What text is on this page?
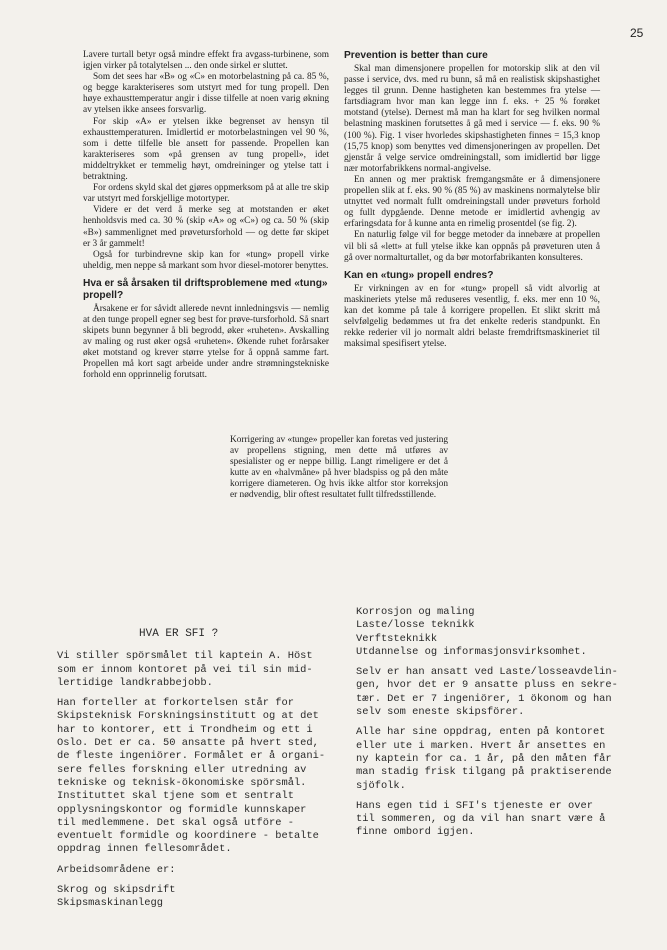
25

Lavere turtall betyr også mindre effekt fra avgass-turbinene, som igjen virker på totalytelsen ... den onde sirkel er sluttet.

Som det sees har «B» og «C» en motorbelastning på ca. 85 %, og begge karakteriseres som utstyrt med for tung propell. Den høye exhausttemperatur angir i disse tilfelle at noen varig økning av ytelsen ikke ansees forsvarlig.

For skip «A» er ytelsen ikke begrenset av hensyn til exhausttemperaturen. Imidlertid er motorbelastningen vel 90 %, som i dette tilfelle ble ansett for passende. Propellen kan karakteriseres som «på grensen av tung propell», idet middeltrykket er temmelig høyt, omdreininger og ytelse tatt i betraktning.

For ordens skyld skal det gjøres oppmerksom på at alle tre skip var utstyrt med forskjellige motortyper.

Videre er det verd å merke seg at motstanden er øket henholdsvis med ca. 30 % (skip «A» og «C») og ca. 50 % (skip «B») sammenlignet med prøvetursforhold — og dette før skipet er 3 år gammelt!

Også for turbindrevne skip kan for «tung» propell virke uheldig, men neppe så markant som hvor diesel-motorer benyttes.

Hva er så årsaken til driftsproblemene med «tung» propell?

Årsakene er for såvidt allerede nevnt innledningsvis — nemlig at den tunge propell egner seg best for prøve-tursforhold. Så snart skipets bunn begynner å bli begrodd, øker «ruheten». Avskalling av maling og rust øker også «ruheten». Økende ruhet forårsaker øket motstand og krever større ytelse for å oppnå samme fart. Propellen må kort sagt arbeide under andre strømningstekniske forhold enn opprinnelig forutsatt.

Prevention is better than cure

Skal man dimensjonere propellen for motorskip slik at den vil passe i service, dvs. med ru bunn, så må en realistisk skipshastighet legges til grunn. Denne hastigheten kan bestemmes fra ytelse — fartsdiagram hvor man kan legge inn f. eks. + 25 % forøket motstand (ytelse). Dernest må man ha klart for seg hvilken normal belastning maskinen forutsettes å gå med i service — f. eks. 90 % (100 %). Fig. 1 viser hvorledes skipshastigheten finnes = 15,3 knop (15,75 knop) som benyttes ved dimensjoneringen av propellen. Det gjenstår å velge service omdreiningstall, som imidlertid bør ligge nær motorfabrikkens normal-angivelse.

En annen og mer praktisk fremgangsmåte er å dimensjonere propellen slik at f. eks. 90 % (85 %) av maskinens normalytelse blir utnyttet ved normalt fullt omdreiningstall under prøveturs forhold og fullt dypgående. Denne metode er imidlertid avhengig av erfaringsdata for å kunne anta en rimelig prosentdel (se fig. 2).

En naturlig følge vil for begge metoder da innebære at propellen vil bli så «lett» at full ytelse ikke kan oppnås på prøveturen uten å gå over normalturtallet, og da bør motorfabrikanten konsulteres.

Kan en «tung» propell endres?

Er virkningen av en for «tung» propell så vidt alvorlig at maskineriets ytelse må reduseres vesentlig, f. eks. mer enn 10 %, kan det komme på tale å korrigere propellen. Et slikt skritt må selvfølgelig bedømmes ut fra det enkelte rederis standpunkt. En rekke rederier vil jo normalt aldri belaste fremdriftsmaskineriet til maksimal spesifisert ytelse.

Korrigering av «tunge» propeller kan foretas ved justering av propellens stigning, men dette må utføres av spesialister og er neppe billig. Langt rimeligere er det å kutte av en «halvmåne» på hver bladspiss og på den måte korrigere diameteren. Og hvis ikke altfor stor korreksjon er nødvendig, blir oftest resultatet fullt tilfredsstillende.
HVA ER SFI ?

Vi stiller spörsmålet til kaptein A. Höst
som er innom kontoret på vei til sin mid-
lertidige landkrabbejobb.

Han forteller at forkortelsen står for
Skipsteknisk Forskningsinstitutt og at det
har to kontorer, ett i Trondheim og ett i
Oslo. Det er ca. 50 ansatte på hvert sted,
de fleste ingeniörer. Formålet er å organi-
sere felles forskning eller utredning av
tekniske og teknisk-ökonomiske spörsmål.
Instituttet skal tjene som et sentralt
opplysningskontor og formidle kunnskaper
til medlemmene. Det skal også utföre -
eventuelt formidle og koordinere - betalte
oppdrag innen fellesområdet.

Arbeidsområdene er:

Skrog og skipsdrift
Skipsmaskinanlegg

Korrosjon og maling
Laste/losse teknikk
Verftsteknikk
Utdannelse og informasjonsvirksomhet.

Selv er han ansatt ved Laste/losseavdelin-
gen, hvor det er 9 ansatte pluss en sekre-
tær. Det er 7 ingeniörer, 1 ökonom og han
selv som eneste skipsförer.

Alle har sine oppdrag, enten på kontoret
eller ute i marken. Hvert år ansettes en
ny kaptein for ca. 1 år, på den måten får
man stadig frisk tilgang på praktiserende
sjöfolk.

Hans egen tid i SFI's tjeneste er over
til sommeren, og da vil han snart være å
finne ombord igjen.
